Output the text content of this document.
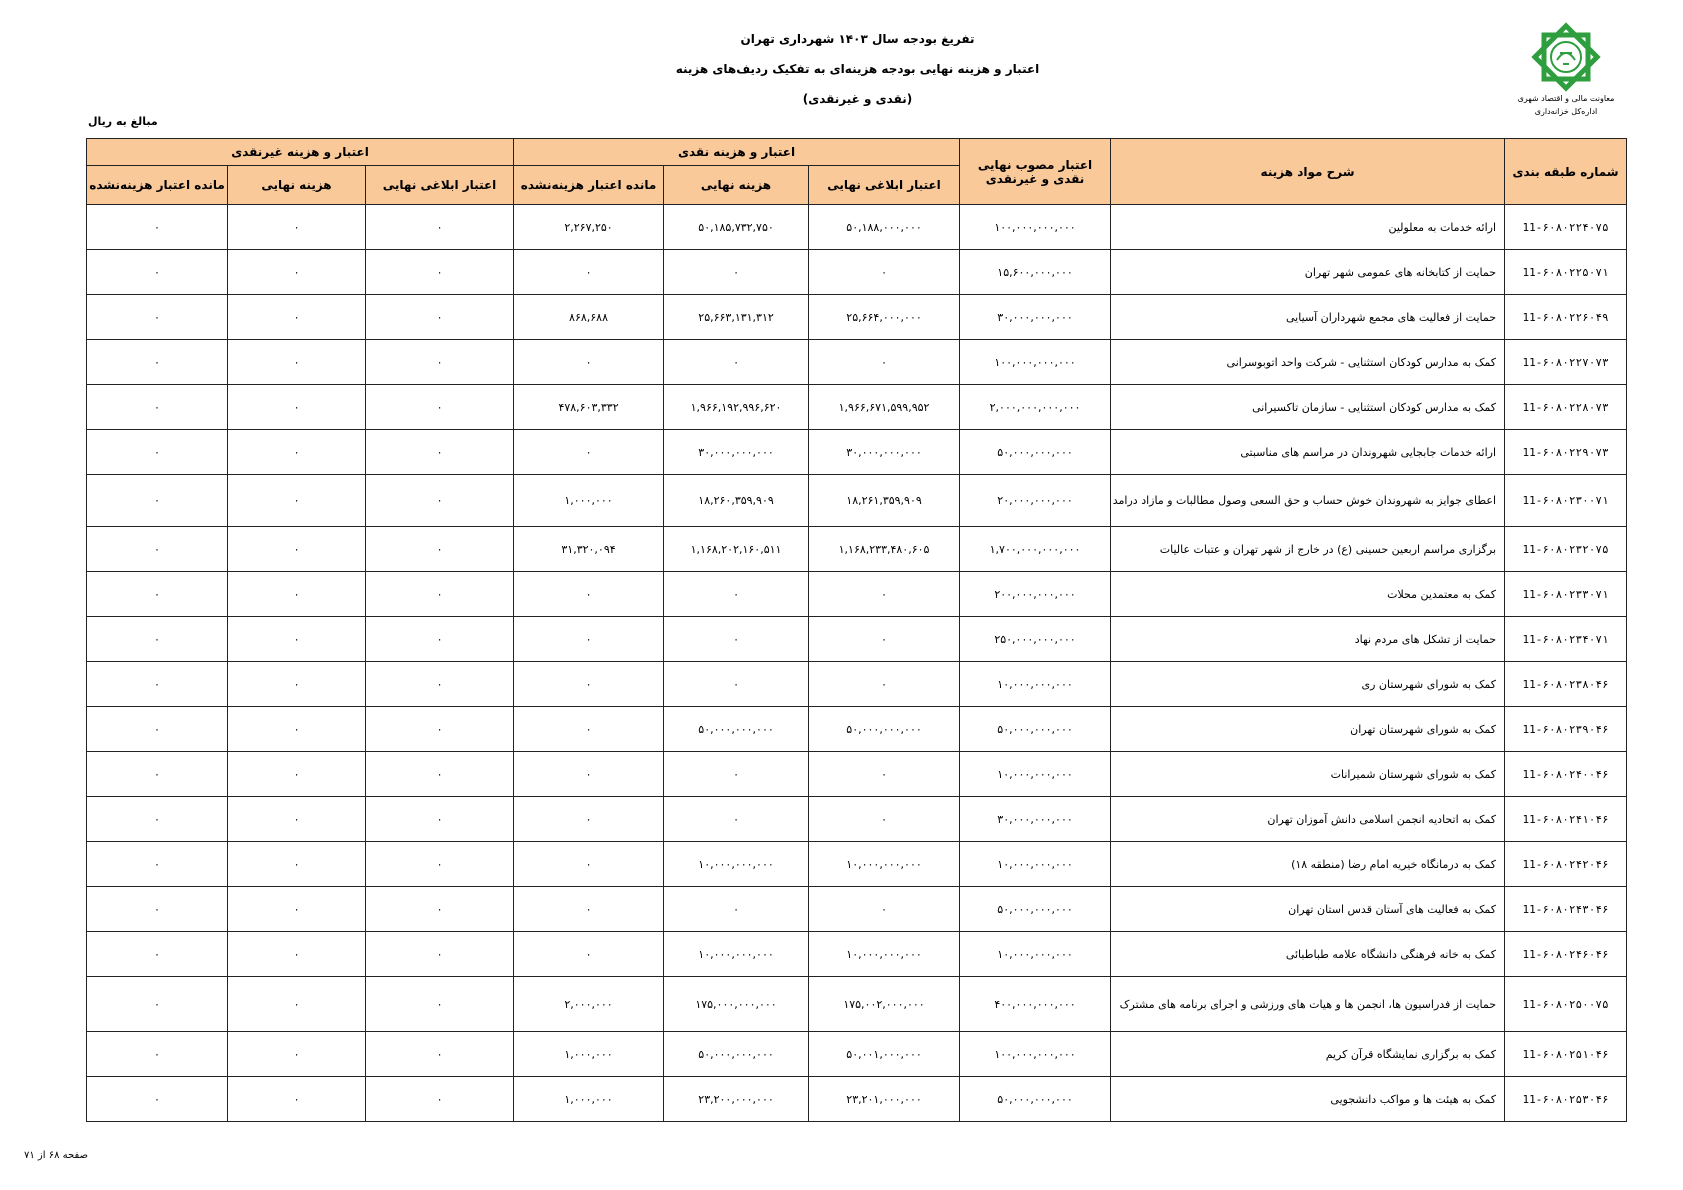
تفریغ بودجه سال ۱۴۰۳ شهرداری تهران
اعتبار و هزینه نهایی بودجه هزینه‌ای به تفکیک ردیف‌های هزینه
(نقدی و غیرنقدی)	معاونت مالی و اقتصاد شهری
اداره‌کل خزانه‌داری
مبالغ به ریال
شماره طبقه بندی	شرح مواد هزینه	اعتبار مصوب نهایی نقدی و غیرنقدی	اعتبار و هزینه نقدی			اعتبار و هزینه غیرنقدی		
			اعتبار ابلاغی نهایی	هزینه نهایی	مانده اعتبار هزینه‌نشده	اعتبار ابلاغی نهایی	هزینه نهایی	مانده اعتبار هزینه‌نشده
11-۶۰۸۰۲۲۴۰۷۵	ارائه خدمات به معلولین	۱۰۰,۰۰۰,۰۰۰,۰۰۰	۵۰,۱۸۸,۰۰۰,۰۰۰	۵۰,۱۸۵,۷۳۲,۷۵۰	۲,۲۶۷,۲۵۰	۰	۰	۰
11-۶۰۸۰۲۲۵۰۷۱	حمایت از کتابخانه های عمومی شهر تهران	۱۵,۶۰۰,۰۰۰,۰۰۰	۰	۰	۰	۰	۰	۰
11-۶۰۸۰۲۲۶۰۴۹	حمایت از فعالیت های مجمع شهرداران آسیایی	۳۰,۰۰۰,۰۰۰,۰۰۰	۲۵,۶۶۴,۰۰۰,۰۰۰	۲۵,۶۶۳,۱۳۱,۳۱۲	۸۶۸,۶۸۸	۰	۰	۰
11-۶۰۸۰۲۲۷۰۷۳	کمک به مدارس کودکان استثنایی - شرکت واحد اتوبوسرانی	۱۰۰,۰۰۰,۰۰۰,۰۰۰	۰	۰	۰	۰	۰	۰
11-۶۰۸۰۲۲۸۰۷۳	کمک به مدارس کودکان استثنایی - سازمان تاکسیرانی	۲,۰۰۰,۰۰۰,۰۰۰,۰۰۰	۱,۹۶۶,۶۷۱,۵۹۹,۹۵۲	۱,۹۶۶,۱۹۲,۹۹۶,۶۲۰	۴۷۸,۶۰۳,۳۳۲	۰	۰	۰
11-۶۰۸۰۲۲۹۰۷۳	ارائه خدمات جابجایی شهروندان در مراسم های مناسبتی	۵۰,۰۰۰,۰۰۰,۰۰۰	۳۰,۰۰۰,۰۰۰,۰۰۰	۳۰,۰۰۰,۰۰۰,۰۰۰	۰	۰	۰	۰
11-۶۰۸۰۲۳۰۰۷۱	اعطای جوایز به شهروندان خوش حساب و حق السعی وصول مطالبات و مازاد درامد	۲۰,۰۰۰,۰۰۰,۰۰۰	۱۸,۲۶۱,۳۵۹,۹۰۹	۱۸,۲۶۰,۳۵۹,۹۰۹	۱,۰۰۰,۰۰۰	۰	۰	۰
11-۶۰۸۰۲۳۲۰۷۵	برگزاری مراسم اربعین حسینی (ع) در خارج از شهر تهران و عتبات عالیات	۱,۷۰۰,۰۰۰,۰۰۰,۰۰۰	۱,۱۶۸,۲۳۳,۴۸۰,۶۰۵	۱,۱۶۸,۲۰۲,۱۶۰,۵۱۱	۳۱,۳۲۰,۰۹۴	۰	۰	۰
11-۶۰۸۰۲۳۳۰۷۱	کمک به معتمدین محلات	۲۰۰,۰۰۰,۰۰۰,۰۰۰	۰	۰	۰	۰	۰	۰
11-۶۰۸۰۲۳۴۰۷۱	حمایت از تشکل های مردم نهاد	۲۵۰,۰۰۰,۰۰۰,۰۰۰	۰	۰	۰	۰	۰	۰
11-۶۰۸۰۲۳۸۰۴۶	کمک به شورای شهرستان ری	۱۰,۰۰۰,۰۰۰,۰۰۰	۰	۰	۰	۰	۰	۰
11-۶۰۸۰۲۳۹۰۴۶	کمک به شورای شهرستان تهران	۵۰,۰۰۰,۰۰۰,۰۰۰	۵۰,۰۰۰,۰۰۰,۰۰۰	۵۰,۰۰۰,۰۰۰,۰۰۰	۰	۰	۰	۰
11-۶۰۸۰۲۴۰۰۴۶	کمک به شورای شهرستان شمیرانات	۱۰,۰۰۰,۰۰۰,۰۰۰	۰	۰	۰	۰	۰	۰
11-۶۰۸۰۲۴۱۰۴۶	کمک به اتحادیه انجمن اسلامی دانش آموزان تهران	۳۰,۰۰۰,۰۰۰,۰۰۰	۰	۰	۰	۰	۰	۰
11-۶۰۸۰۲۴۲۰۴۶	کمک به درمانگاه خیریه امام رضا (منطقه ۱۸)	۱۰,۰۰۰,۰۰۰,۰۰۰	۱۰,۰۰۰,۰۰۰,۰۰۰	۱۰,۰۰۰,۰۰۰,۰۰۰	۰	۰	۰	۰
11-۶۰۸۰۲۴۳۰۴۶	کمک به فعالیت های آستان قدس استان تهران	۵۰,۰۰۰,۰۰۰,۰۰۰	۰	۰	۰	۰	۰	۰
11-۶۰۸۰۲۴۶۰۴۶	کمک به خانه فرهنگی دانشگاه علامه طباطبائی	۱۰,۰۰۰,۰۰۰,۰۰۰	۱۰,۰۰۰,۰۰۰,۰۰۰	۱۰,۰۰۰,۰۰۰,۰۰۰	۰	۰	۰	۰
11-۶۰۸۰۲۵۰۰۷۵	حمایت از فدراسیون ها، انجمن ها و هیات های ورزشی و اجرای برنامه های مشترک	۴۰۰,۰۰۰,۰۰۰,۰۰۰	۱۷۵,۰۰۲,۰۰۰,۰۰۰	۱۷۵,۰۰۰,۰۰۰,۰۰۰	۲,۰۰۰,۰۰۰	۰	۰	۰
11-۶۰۸۰۲۵۱۰۴۶	کمک به برگزاری نمایشگاه قرآن کریم	۱۰۰,۰۰۰,۰۰۰,۰۰۰	۵۰,۰۰۱,۰۰۰,۰۰۰	۵۰,۰۰۰,۰۰۰,۰۰۰	۱,۰۰۰,۰۰۰	۰	۰	۰
11-۶۰۸۰۲۵۳۰۴۶	کمک به هیئت ها و مواکب دانشجویی	۵۰,۰۰۰,۰۰۰,۰۰۰	۲۳,۲۰۱,۰۰۰,۰۰۰	۲۳,۲۰۰,۰۰۰,۰۰۰	۱,۰۰۰,۰۰۰	۰	۰	۰
صفحه ۶۸ از ۷۱
